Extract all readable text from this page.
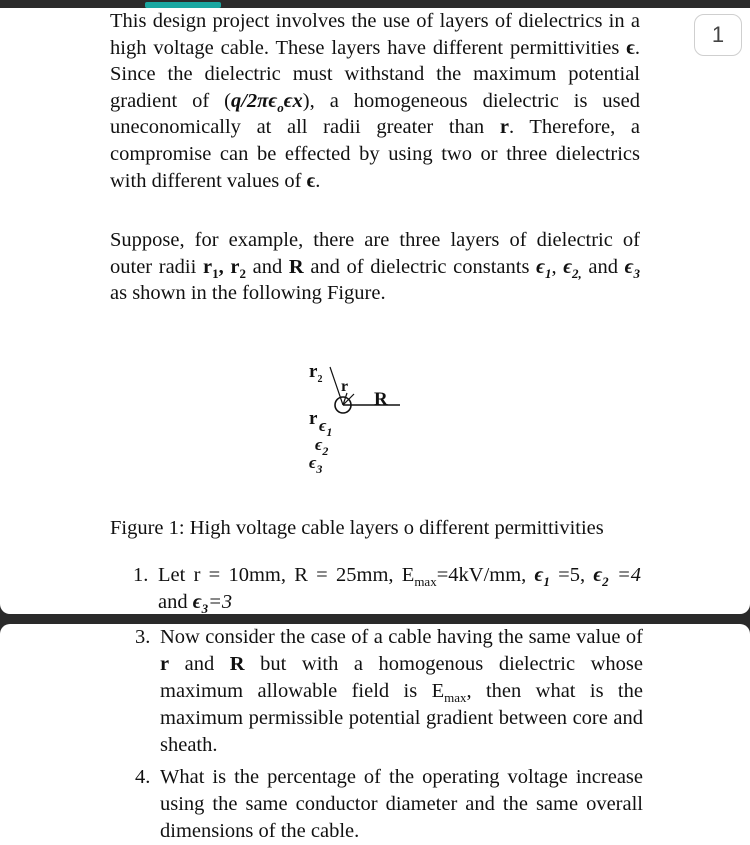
1
This design project involves the use of layers of dielectrics in a high voltage cable. These layers have different permittivities ϵ. Since the dielectric must withstand the maximum potential gradient of $(q/2\pi\epsilon_o\epsilon x)$, a homogeneous dielectric is used uneconomically at all radii greater than r. Therefore, a compromise can be effected by using two or three dielectrics with different values of ϵ.
Suppose, for example, there are three layers of dielectric of outer radii $r_1$, $r_2$ and R and of dielectric constants $\epsilon_1$, $\epsilon_{2,}$ and $\epsilon_3$ as shown in the following Figure.
$r_2$ r
R
r $\epsilon_1$
$\epsilon_2$
$\epsilon_3$
Figure 1: High voltage cable layers o different permittivities
1. Let r = 10mm, R = 25mm, $E_{max}=4kV/mm$, $\epsilon_1 =5$, $\epsilon_2 =4$ and $\epsilon_3=3$
3. Now consider the case of a cable having the same value of r and R but with a homogenous dielectric whose maximum allowable field is $E_{max}$, then what is the maximum permissible potential gradient between core and sheath.
4. What is the percentage of the operating voltage increase using the same conductor diameter and the same overall dimensions of the cable.
